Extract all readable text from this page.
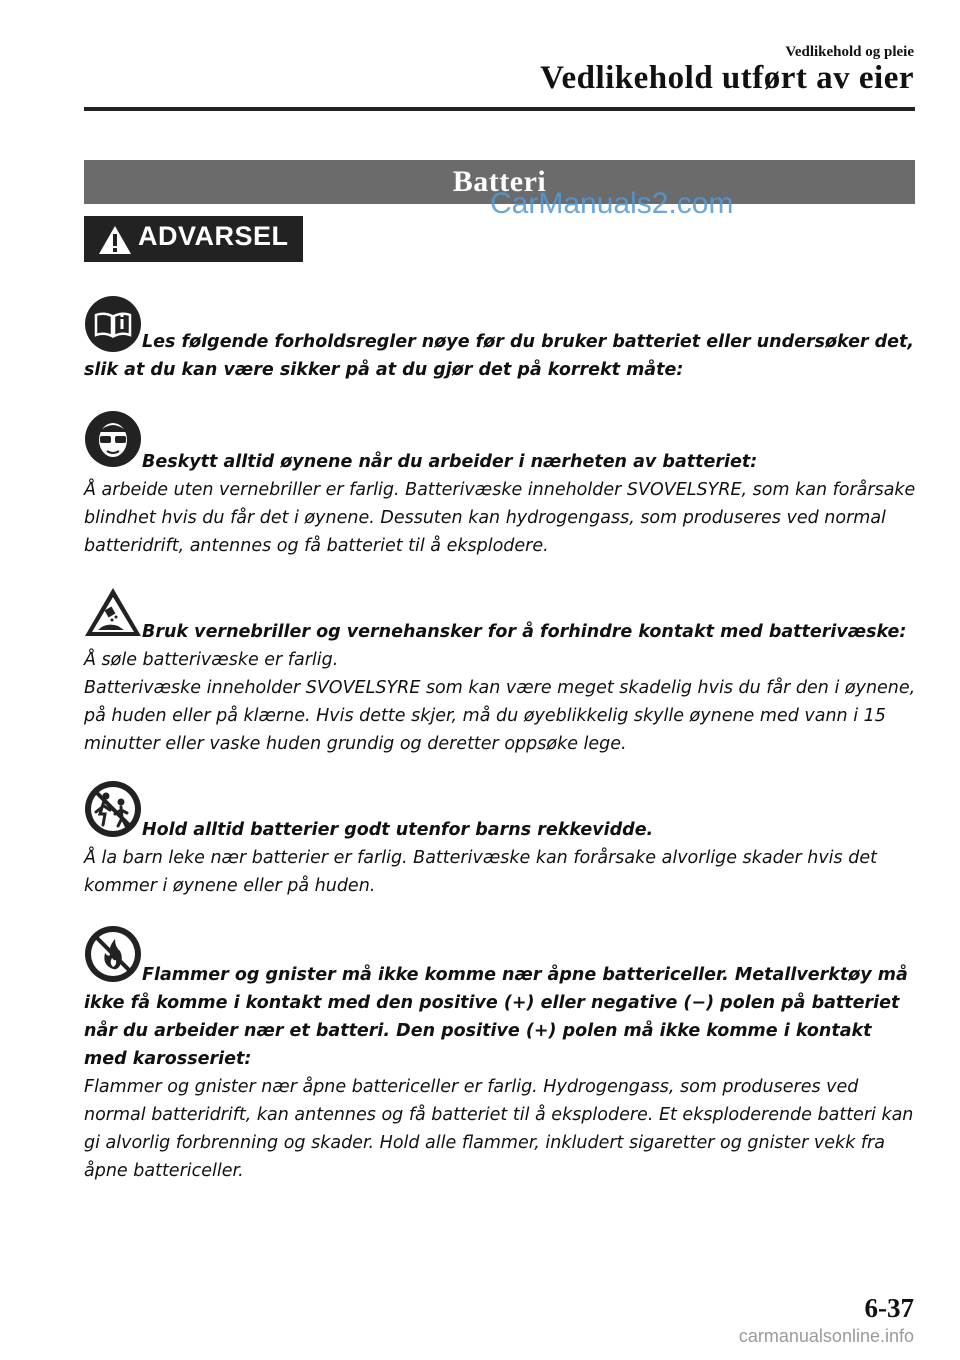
Vedlikehold og pleie
Vedlikehold utført av eier
Batteri
CarManuals2.com
ADVARSEL
Les følgende forholdsregler nøye før du bruker batteriet eller undersøker det, slik at du kan være sikker på at du gjør det på korrekt måte:
Beskytt alltid øynene når du arbeider i nærheten av batteriet:
Å arbeide uten vernebriller er farlig. Batterivæske inneholder SVOVELSYRE, som kan forårsake blindhet hvis du får det i øynene. Dessuten kan hydrogengass, som produseres ved normal batteridrift, antennes og få batteriet til å eksplodere.
Bruk vernebriller og vernehansker for å forhindre kontakt med batterivæske:
Å søle batterivæske er farlig.
Batterivæske inneholder SVOVELSYRE som kan være meget skadelig hvis du får den i øynene, på huden eller på klærne. Hvis dette skjer, må du øyeblikkelig skylle øynene med vann i 15 minutter eller vaske huden grundig og deretter oppsøke lege.
Hold alltid batterier godt utenfor barns rekkevidde.
Å la barn leke nær batterier er farlig. Batterivæske kan forårsake alvorlige skader hvis det kommer i øynene eller på huden.
Flammer og gnister må ikke komme nær åpne battericeller. Metallverktøy må ikke få komme i kontakt med den positive (+) eller negative (−) polen på batteriet når du arbeider nær et batteri. Den positive (+) polen må ikke komme i kontakt med karosseriet:
Flammer og gnister nær åpne battericeller er farlig. Hydrogengass, som produseres ved normal batteridrift, kan antennes og få batteriet til å eksplodere. Et eksploderende batteri kan gi alvorlig forbrenning og skader. Hold alle flammer, inkludert sigaretter og gnister vekk fra åpne battericeller.
6-37
carmanualsonline.info
